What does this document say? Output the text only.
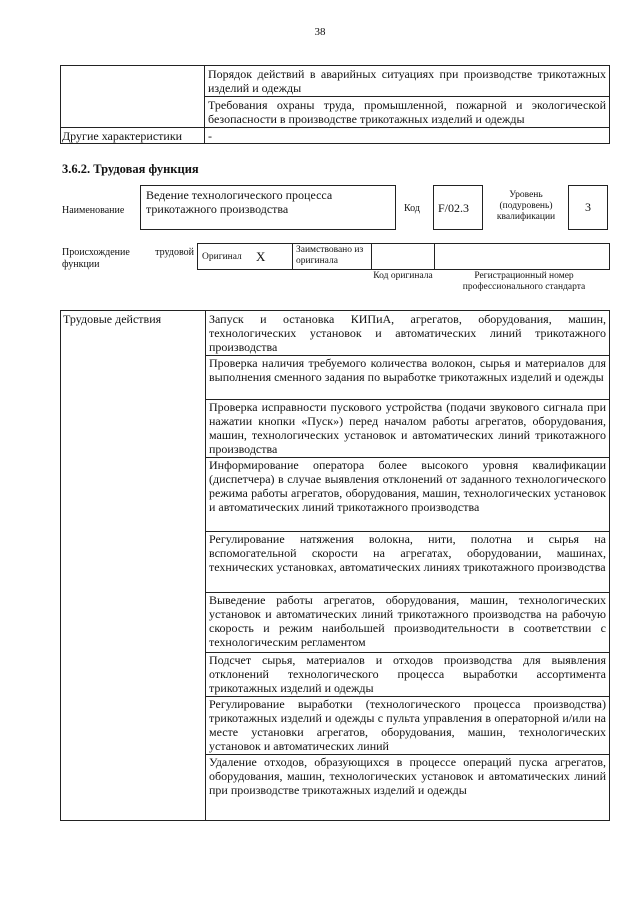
38
Порядок действий в аварийных ситуациях при производстве трикотажных изделий и одежды
Требования охраны труда, промышленной, пожарной и экологической безопасности в производстве трикотажных изделий и одежды
Другие характеристики	-
3.6.2. Трудовая функция
Наименование
Ведение технологического процесса трикотажного производства	Код	F/02.3
Уровень (подуровень) квалификации
3
Происхождение трудовой функции
Оригинал	X	Заимствовано из оригинала
Код оригинала	Регистрационный номер профессионального стандарта
Трудовые действия	Запуск и остановка КИПиА, агрегатов, оборудования, машин, технологических установок и автоматических линий трикотажного производства
Проверка наличия требуемого количества волокон, сырья и материалов для выполнения сменного задания по выработке трикотажных изделий и одежды
Проверка исправности пускового устройства (подачи звукового сигнала при нажатии кнопки «Пуск») перед началом работы агрегатов, оборудования, машин, технологических установок и автоматических линий трикотажного производства
Информирование оператора более высокого уровня квалификации (диспетчера) в случае выявления отклонений от заданного технологического режима работы агрегатов, оборудования, машин, технологических установок и автоматических линий трикотажного производства
Регулирование натяжения волокна, нити, полотна и сырья на вспомогательной скорости на агрегатах, оборудовании, машинах, технических установках, автоматических линиях трикотажного производства
Выведение работы агрегатов, оборудования, машин, технологических установок и автоматических линий трикотажного производства на рабочую скорость и режим наибольшей производительности в соответствии с технологическим регламентом
Подсчет сырья, материалов и отходов производства для выявления отклонений технологического процесса выработки ассортимента трикотажных изделий и одежды
Регулирование выработки (технологического процесса производства) трикотажных изделий и одежды с пульта управления в операторной и/или на месте установки агрегатов, оборудования, машин, технологических установок и автоматических линий
Удаление отходов, образующихся в процессе операций пуска агрегатов, оборудования, машин, технологических установок и автоматических линий при производстве трикотажных изделий и одежды
